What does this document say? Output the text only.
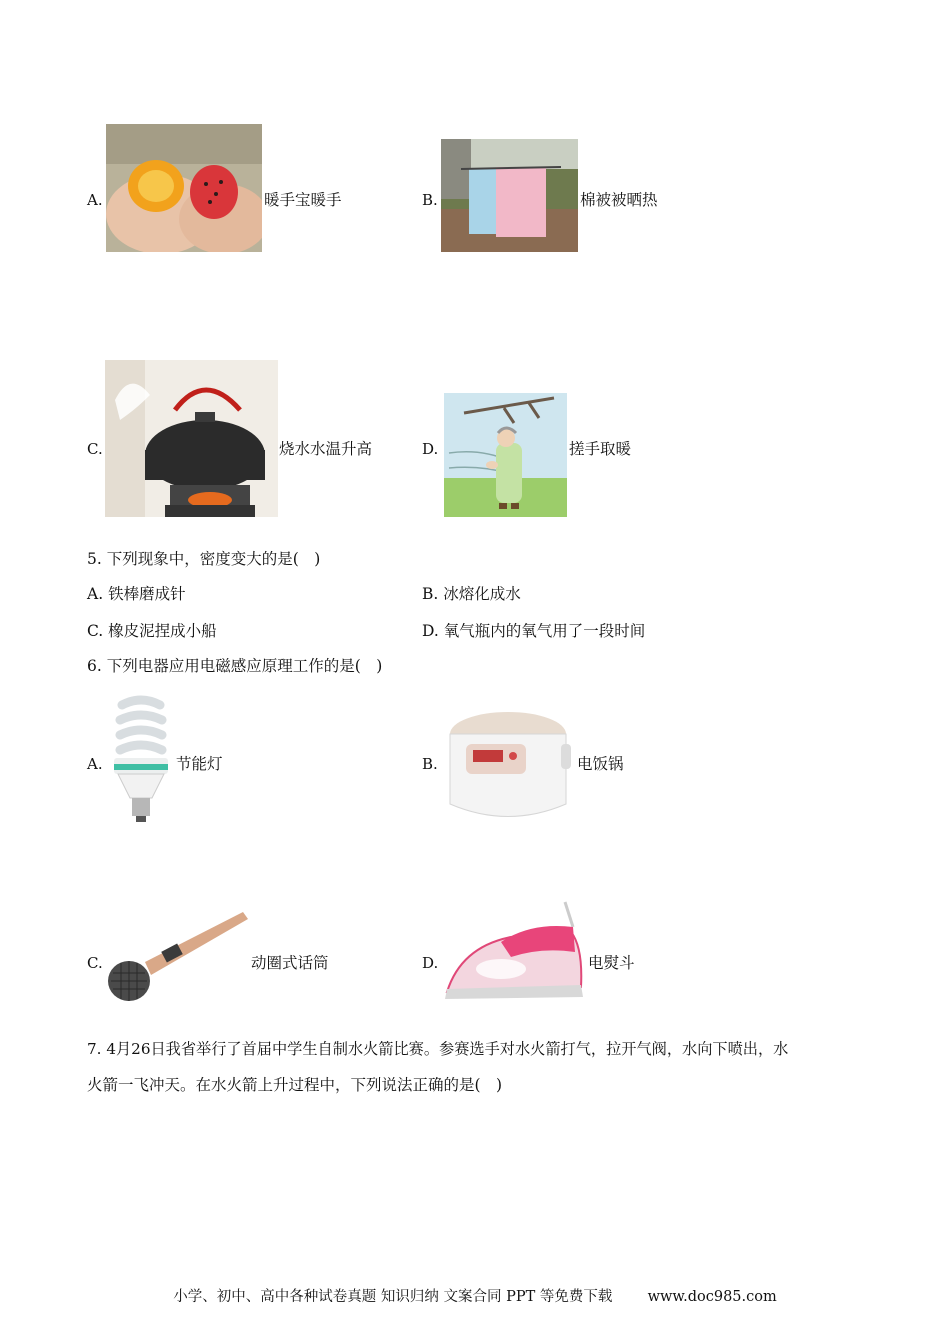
A.	暖手宝暖手	B.	棉被被晒热
C.	烧水水温升高	D.	搓手取暖
5. 下列现象中，密度变大的是(　)
A. 铁棒磨成针	B. 冰熔化成水
C. 橡皮泥捏成小船	D. 氧气瓶内的氧气用了一段时间
6. 下列电器应用电磁感应原理工作的是(　)
A.	节能灯	B.	电饭锅
C.	动圈式话筒	D.	电熨斗
7. 4月26日我省举行了首届中学生自制水火箭比赛。参赛选手对水火箭打气，拉开气阀，水向下喷出，水
火箭一飞冲天。在水火箭上升过程中，下列说法正确的是(　)
小学、初中、高中各种试卷真题 知识归纳 文案合同 PPT 等免费下载 www.doc985.com
